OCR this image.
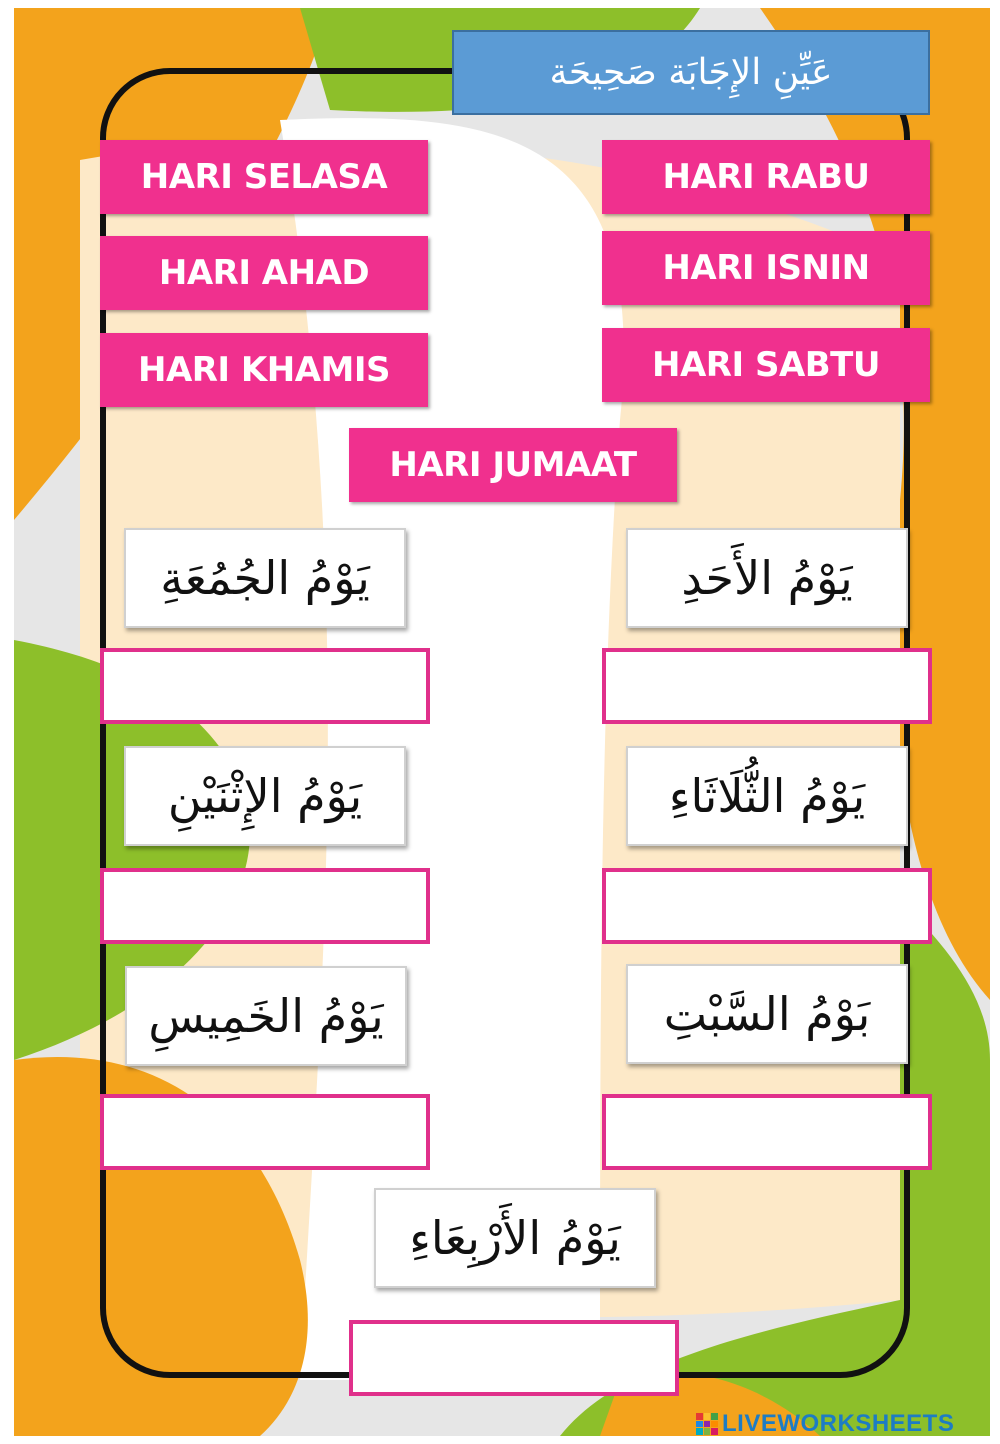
عَيِّنِ الإِجَابَة صَحِيحَة
HARI SELASA	HARI RABU
HARI AHAD	HARI ISNIN
HARI KHAMIS	HARI SABTU
HARI JUMAAT
يَوْمُ الجُمُعَةِ	يَوْمُ الأَحَدِ
يَوْمُ الإِثْنَيْنِ	يَوْمُ الثُّلَاثَاءِ
يَوْمُ الخَمِيسِ	بَوْمُ السَّبْتِ
يَوْمُ الأَرْبِعَاءِ
LIVEWORKSHEETS
